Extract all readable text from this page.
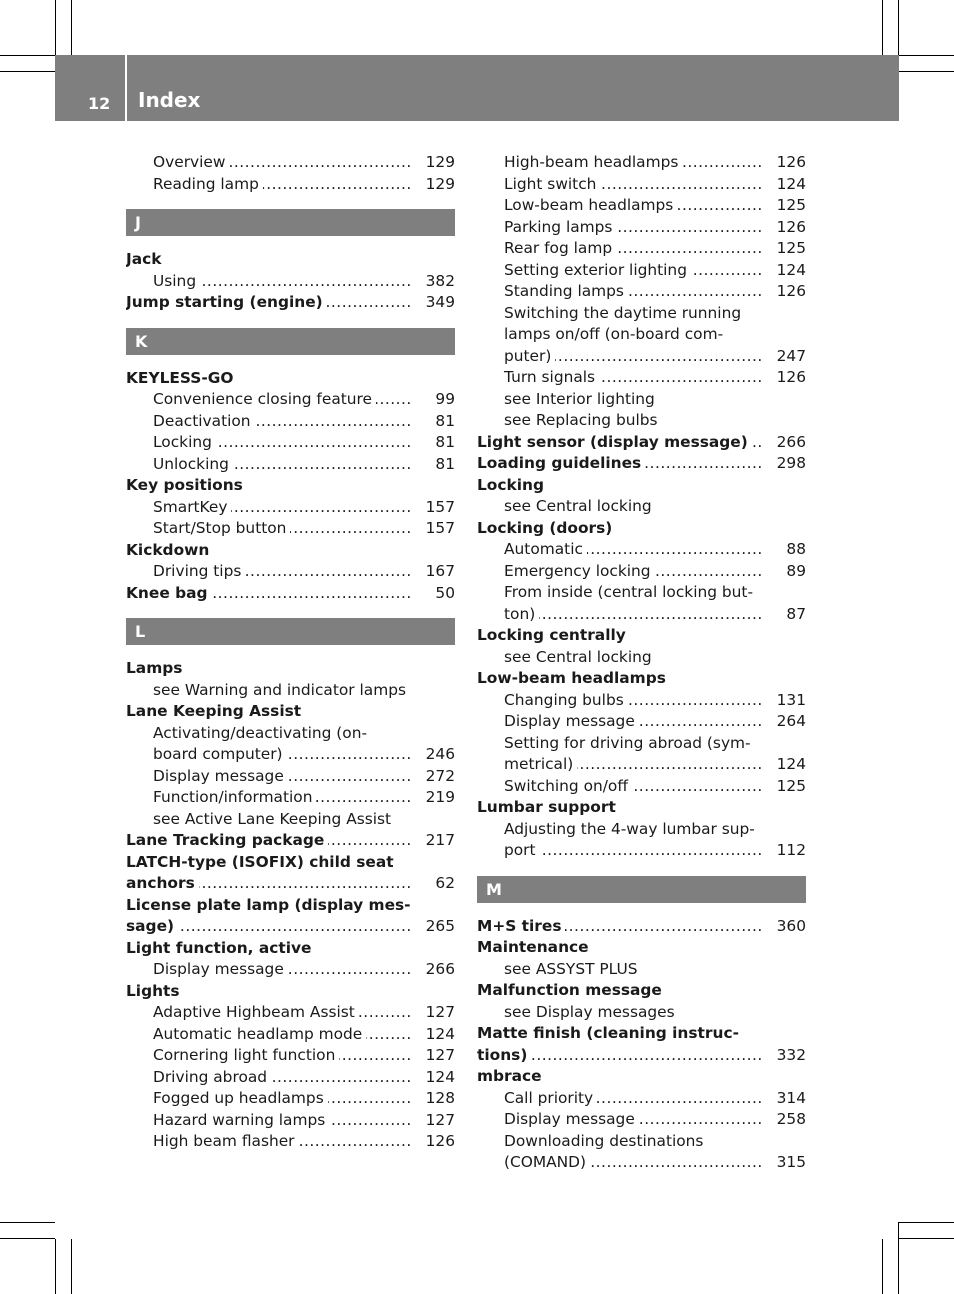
12 Index
..... Overview	129
..... Reading lamp	129
J
Jack
..... Using	382
..... Jump starting (engine)	349
K
KEYLESS-GO
..... Convenience closing feature	99
..... Deactivation	81
..... Locking	81
..... Unlocking	81
Key positions
..... SmartKey	157
..... Start/Stop button	157
Kickdown
..... Driving tips	167
..... Knee bag	50
L
Lamps
see Warning and indicator lamps
Lane Keeping Assist
Activating/deactivating (on-
..... board computer)	246
..... Display message	272
..... Function/information	219
see Active Lane Keeping Assist
..... Lane Tracking package	217
LATCH-type (ISOFIX) child seat
..... anchors	62
License plate lamp (display mes-
..... sage)	265
Light function, active
..... Display message	266
Lights
..... Adaptive Highbeam Assist	127
..... Automatic headlamp mode	124
..... Cornering light function	127
..... Driving abroad	124
..... Fogged up headlamps	128
..... Hazard warning lamps	127
..... High beam flasher	126
..... High-beam headlamps	126
..... Light switch	124
..... Low-beam headlamps	125
..... Parking lamps	126
..... Rear fog lamp	125
..... Setting exterior lighting	124
..... Standing lamps	126
Switching the daytime running
lamps on/off (on-board com-
..... puter)	247
..... Turn signals	126
see Interior lighting
see Replacing bulbs
..... Light sensor (display message)	266
..... Loading guidelines	298
Locking
see Central locking
Locking (doors)
..... Automatic	88
..... Emergency locking	89
From inside (central locking but-
..... ton)	87
Locking centrally
see Central locking
Low-beam headlamps
..... Changing bulbs	131
..... Display message	264
Setting for driving abroad (sym-
..... metrical)	124
..... Switching on/off	125
Lumbar support
Adjusting the 4-way lumbar sup-
..... port	112
M
..... M+S tires	360
Maintenance
see ASSYST PLUS
Malfunction message
see Display messages
Matte finish (cleaning instruc-
..... tions)	332
mbrace
..... Call priority	314
..... Display message	258
Downloading destinations
..... (COMAND)	315
